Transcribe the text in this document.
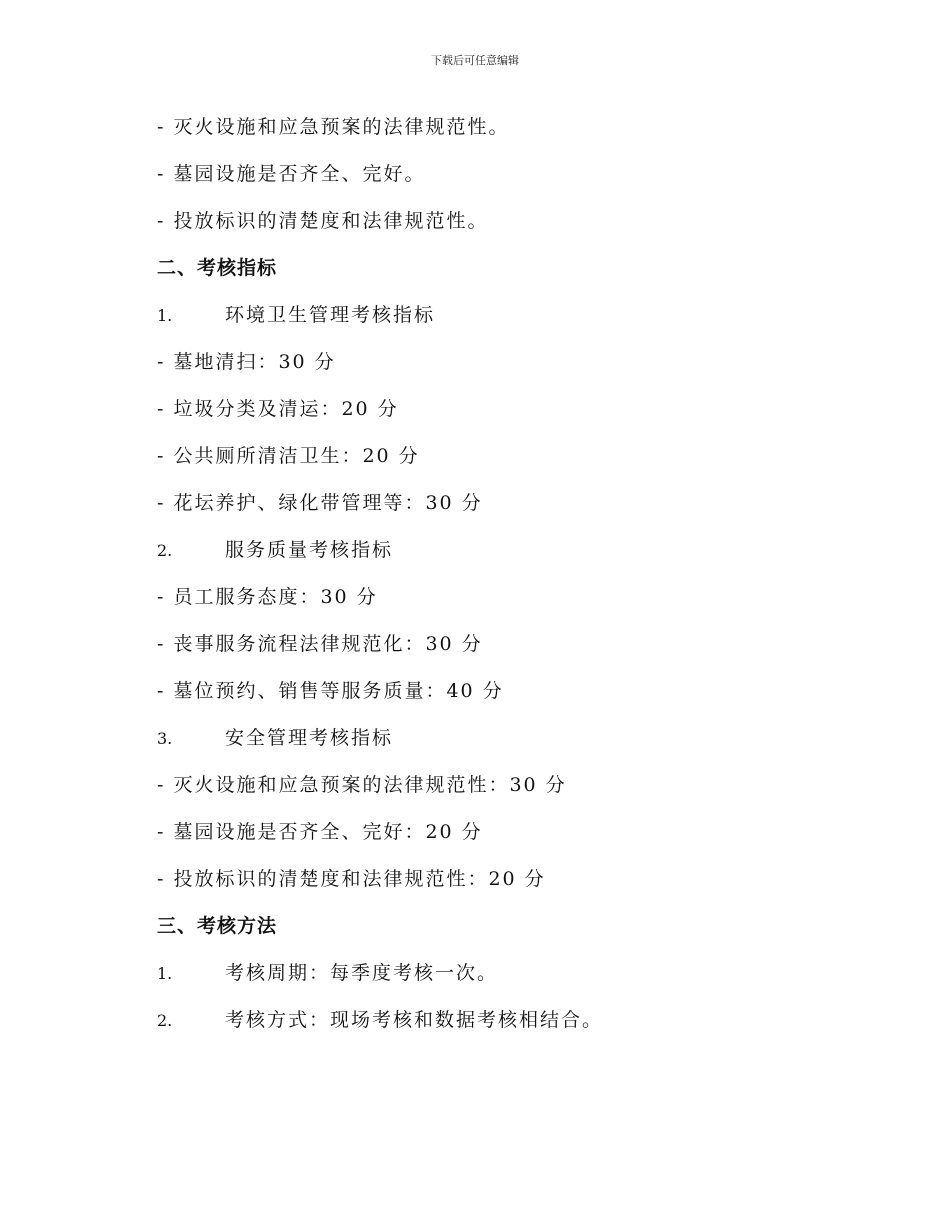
下载后可任意编辑
- 灭火设施和应急预案的法律规范性。
- 墓园设施是否齐全、完好。
- 投放标识的清楚度和法律规范性。
二、考核指标
1.	环境卫生管理考核指标
- 墓地清扫：30 分
- 垃圾分类及清运：20 分
- 公共厕所清洁卫生：20 分
- 花坛养护、绿化带管理等：30 分
2.	服务质量考核指标
- 员工服务态度：30 分
- 丧事服务流程法律规范化：30 分
- 墓位预约、销售等服务质量：40 分
3.	安全管理考核指标
- 灭火设施和应急预案的法律规范性：30 分
- 墓园设施是否齐全、完好：20 分
- 投放标识的清楚度和法律规范性：20 分
三、考核方法
1.	考核周期：每季度考核一次。
2.	考核方式：现场考核和数据考核相结合。
